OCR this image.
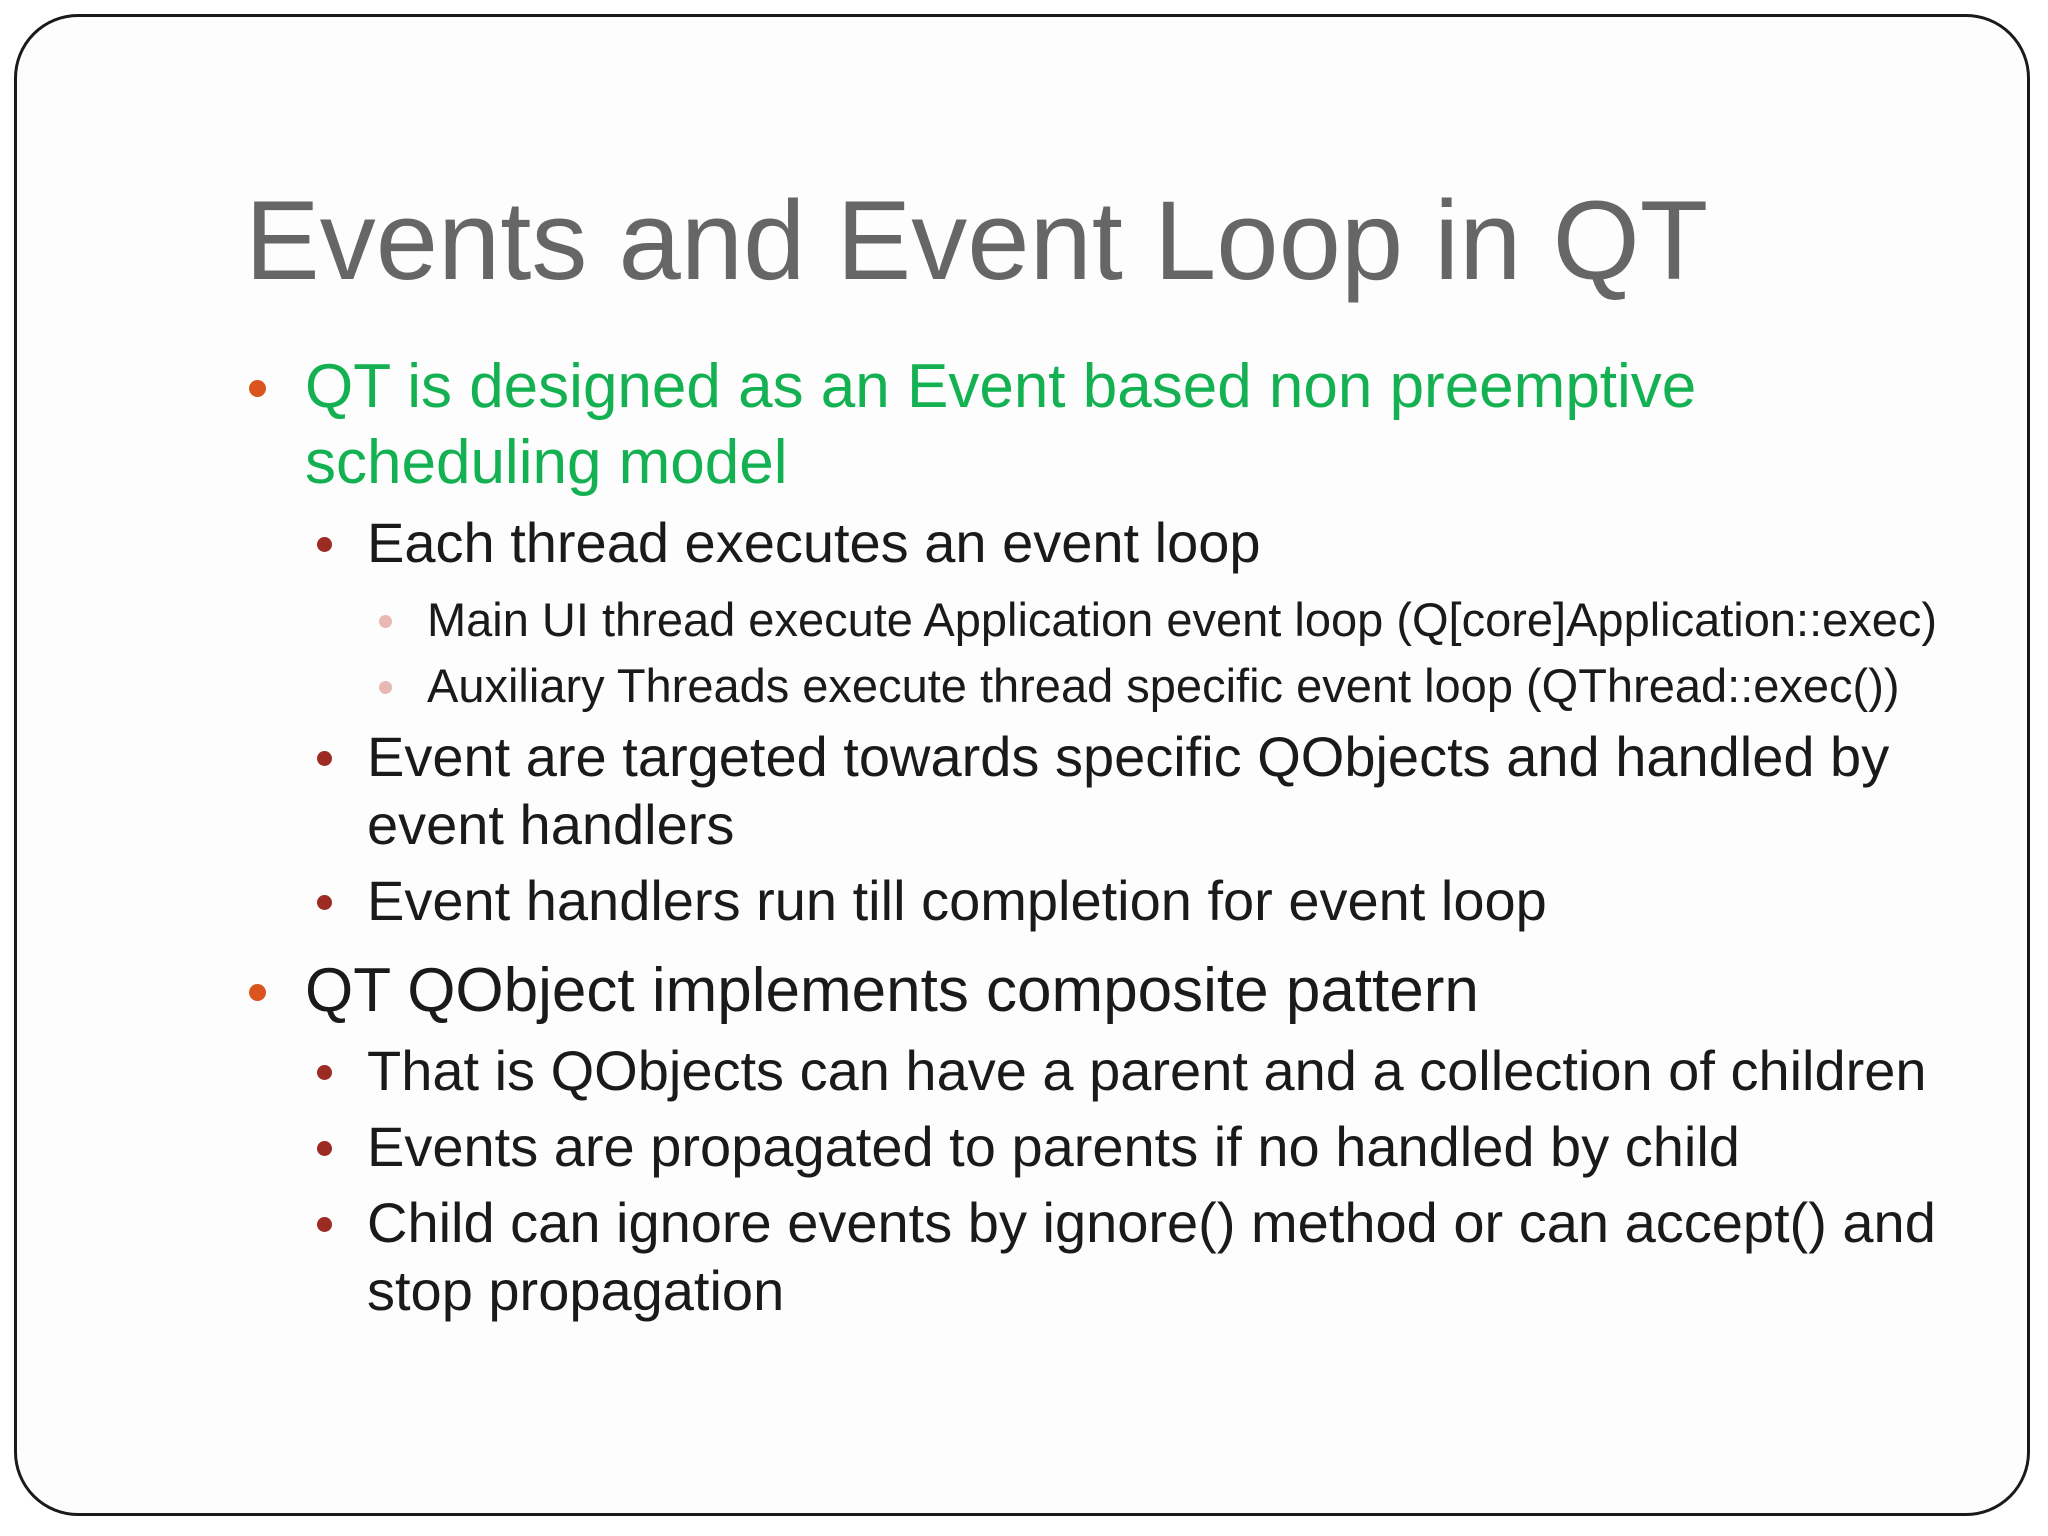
Events and Event Loop in QT
QT is designed as an Event based non preemptive scheduling model
Each thread executes an event loop
Main UI thread execute Application event loop (Q[core]Application::exec)
Auxiliary Threads execute thread specific event loop (QThread::exec())
Event are targeted towards specific QObjects and handled by event handlers
Event handlers run till completion for event loop
QT QObject implements composite pattern
That is QObjects can have a parent and a collection of children
Events are propagated to parents if no handled by child
Child can ignore events by ignore() method or can accept() and stop propagation
